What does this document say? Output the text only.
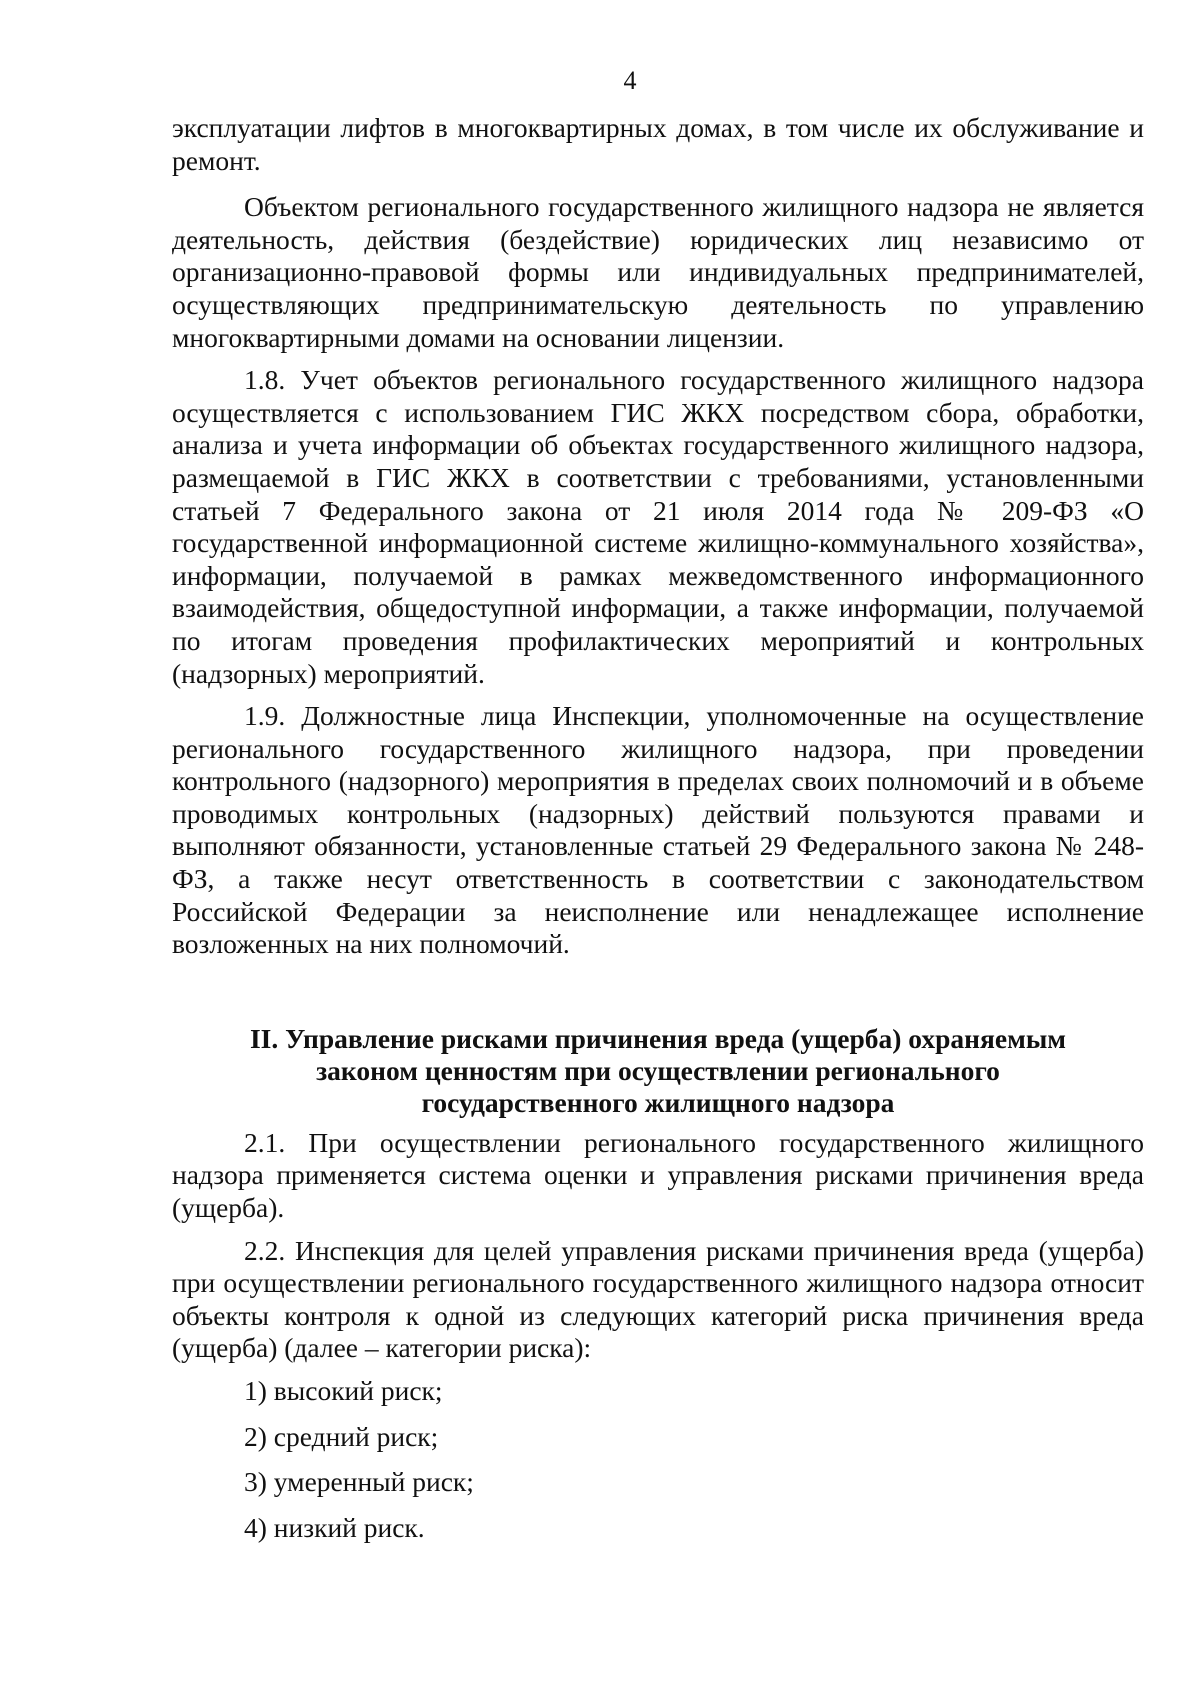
4

эксплуатации лифтов в многоквартирных домах, в том числе их обслуживание и ремонт.

Объектом регионального государственного жилищного надзора не является деятельность, действия (бездействие) юридических лиц независимо от организационно-правовой формы или индивидуальных предпринимателей, осуществляющих предпринимательскую деятельность по управлению многоквартирными домами на основании лицензии.

1.8. Учет объектов регионального государственного жилищного надзора осуществляется с использованием ГИС ЖКХ посредством сбора, обработки, анализа и учета информации об объектах государственного жилищного надзора, размещаемой в ГИС ЖКХ в соответствии с требованиями, установленными статьей 7 Федерального закона от 21 июля 2014 года № 209-ФЗ «О государственной информационной системе жилищно-коммунального хозяйства», информации, получаемой в рамках межведомственного информационного взаимодействия, общедоступной информации, а также информации, получаемой по итогам проведения профилактических мероприятий и контрольных (надзорных) мероприятий.

1.9. Должностные лица Инспекции, уполномоченные на осуществление регионального государственного жилищного надзора, при проведении контрольного (надзорного) мероприятия в пределах своих полномочий и в объеме проводимых контрольных (надзорных) действий пользуются правами и выполняют обязанности, установленные статьей 29 Федерального закона № 248-ФЗ, а также несут ответственность в соответствии с законодательством Российской Федерации за неисполнение или ненадлежащее исполнение возложенных на них полномочий.

II. Управление рисками причинения вреда (ущерба) охраняемым законом ценностям при осуществлении регионального государственного жилищного надзора

2.1. При осуществлении регионального государственного жилищного надзора применяется система оценки и управления рисками причинения вреда (ущерба).

2.2. Инспекция для целей управления рисками причинения вреда (ущерба) при осуществлении регионального государственного жилищного надзора относит объекты контроля к одной из следующих категорий риска причинения вреда (ущерба) (далее – категории риска):

1) высокий риск;
2) средний риск;
3) умеренный риск;
4) низкий риск.
